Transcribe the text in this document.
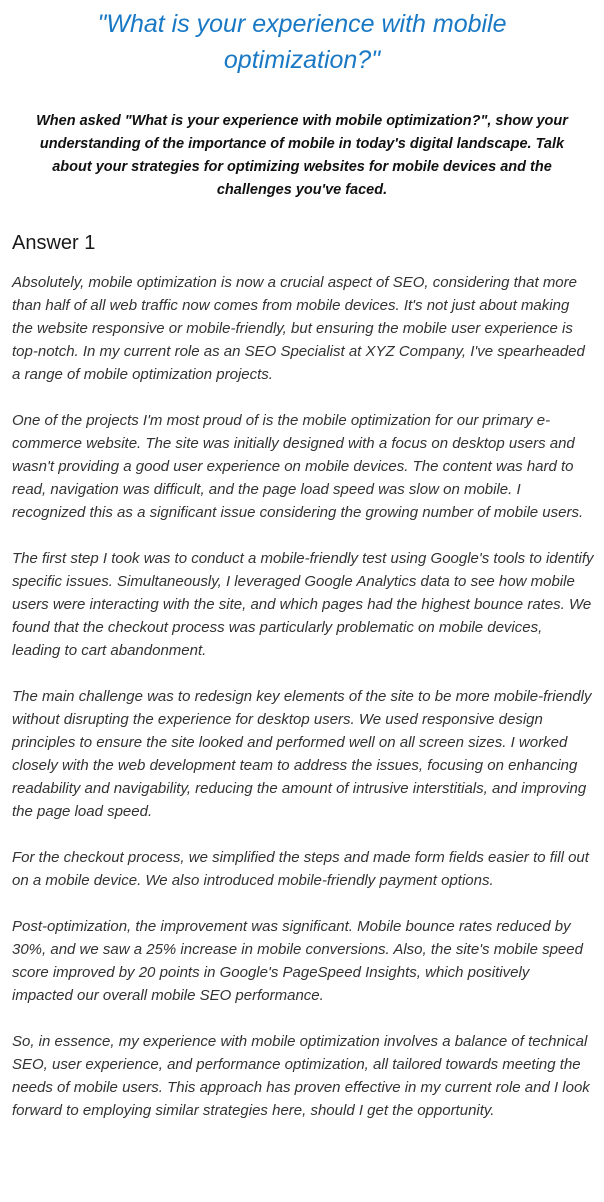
"What is your experience with mobile optimization?"

When asked "What is your experience with mobile optimization?", show your understanding of the importance of mobile in today's digital landscape. Talk about your strategies for optimizing websites for mobile devices and the challenges you've faced.

Answer 1

Absolutely, mobile optimization is now a crucial aspect of SEO, considering that more than half of all web traffic now comes from mobile devices. It's not just about making the website responsive or mobile-friendly, but ensuring the mobile user experience is top-notch. In my current role as an SEO Specialist at XYZ Company, I've spearheaded a range of mobile optimization projects.

One of the projects I'm most proud of is the mobile optimization for our primary e-commerce website. The site was initially designed with a focus on desktop users and wasn't providing a good user experience on mobile devices. The content was hard to read, navigation was difficult, and the page load speed was slow on mobile. I recognized this as a significant issue considering the growing number of mobile users.

The first step I took was to conduct a mobile-friendly test using Google's tools to identify specific issues. Simultaneously, I leveraged Google Analytics data to see how mobile users were interacting with the site, and which pages had the highest bounce rates. We found that the checkout process was particularly problematic on mobile devices, leading to cart abandonment.

The main challenge was to redesign key elements of the site to be more mobile-friendly without disrupting the experience for desktop users. We used responsive design principles to ensure the site looked and performed well on all screen sizes. I worked closely with the web development team to address the issues, focusing on enhancing readability and navigability, reducing the amount of intrusive interstitials, and improving the page load speed.

For the checkout process, we simplified the steps and made form fields easier to fill out on a mobile device. We also introduced mobile-friendly payment options.

Post-optimization, the improvement was significant. Mobile bounce rates reduced by 30%, and we saw a 25% increase in mobile conversions. Also, the site's mobile speed score improved by 20 points in Google's PageSpeed Insights, which positively impacted our overall mobile SEO performance.

So, in essence, my experience with mobile optimization involves a balance of technical SEO, user experience, and performance optimization, all tailored towards meeting the needs of mobile users. This approach has proven effective in my current role and I look forward to employing similar strategies here, should I get the opportunity.
